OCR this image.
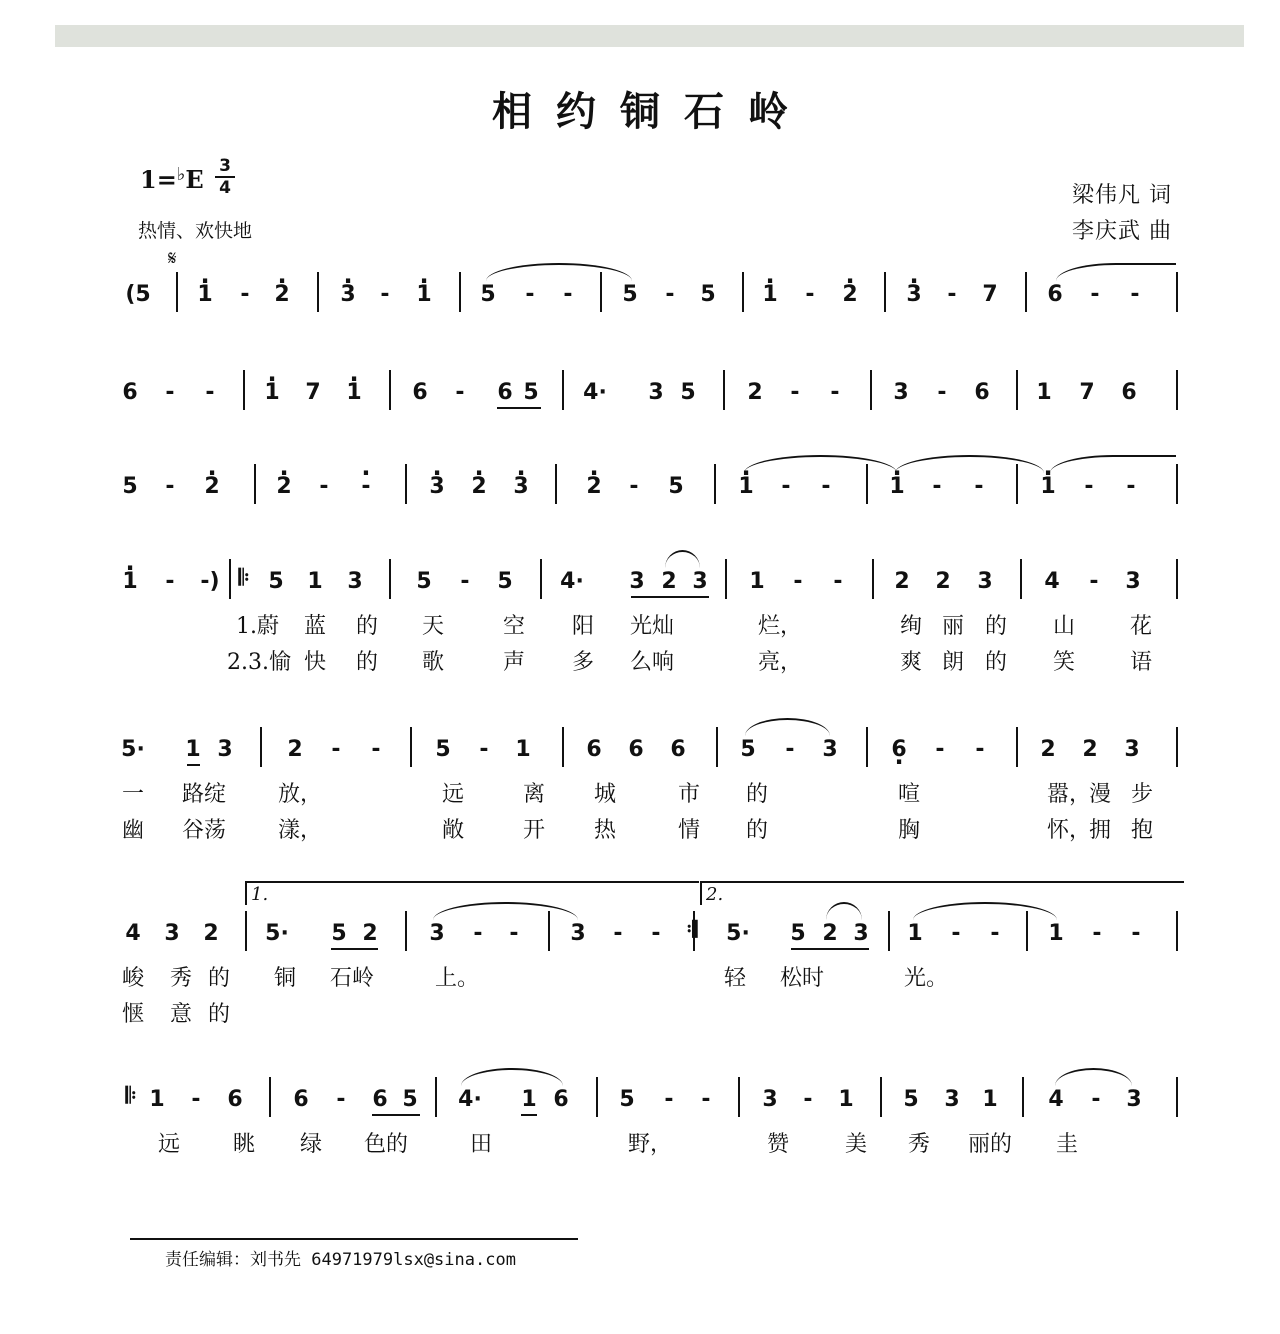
相约铜石岭
1=♭E 3
4
热情、欢快地
梁伟凡 词
李庆武 曲
𝄋
(5 · 1 - · 2 · 3 - · 1 5 - - 5 - 5 · 1 - · 2 · 3 - 7 6 - -
6 - - · 1 7 · 1 6 - 6 5 4· 3 5 2 - - 3 - 6 1 7 6
5 - · 2	· 2 - · -	· 3 · 2 · 3	· 2 - 5 · 1 - -	· 1 - -	· 1 - -
· 1 - -) 5 1 3 5 - 5 4· 3 2 3 1 - - 2 2 3 4 - 3
1.蔚 蓝 的 天	空 阳 光灿	烂，	绚 丽 的 山 花
2.3.愉 快 的 歌	声 多 么响	亮，	爽 朗 的 笑 语
5· 1 3 2 - - 5 - 1	6 6 6 5 - 3 6 · - -	2 2 3
一 路绽 放，	远	离 城	市 的	喧	嚣，
漫 步
幽 谷荡 漾，	敞	开 热	情 的	胸	怀，
拥 抱
4 3 2 5· 5 2 3 - - 3 - -	5· 5 2 3 1 - - 1 - -
峻 秀 的 铜 石岭	上。	轻 松时	光。
惬 意 的
1 - 6 6 - 6 5 4· 1 6 5 - - 3 - 1 5 3 1 4 - 3
远 眺 绿 色的	田	野，	赞	美 秀 丽的 圭
𝄆
𝄆
𝄇
1.	2.
责任编辑：刘书先 64971979lsx@sina.com
